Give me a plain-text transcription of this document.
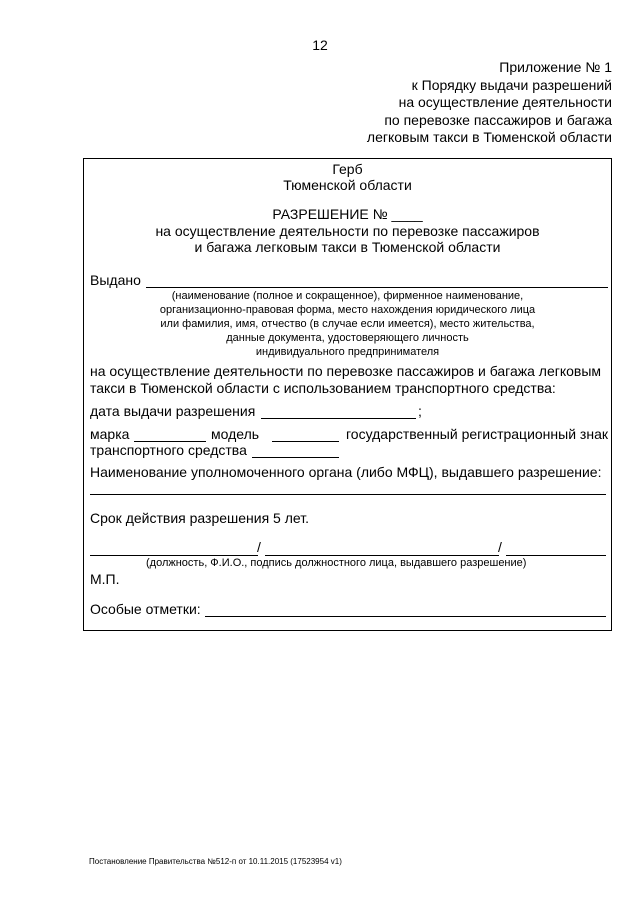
12
Приложение № 1
к Порядку выдачи разрешений
на осуществление деятельности
по перевозке пассажиров и багажа
легковым такси в Тюменской области
Герб
Тюменской области
РАЗРЕШЕНИЕ № ____
на осуществление деятельности по перевозке пассажиров
и багажа легковым такси в Тюменской области
Выдано
(наименование (полное и сокращенное), фирменное наименование,
организационно-правовая форма, место нахождения юридического лица
или фамилия, имя, отчество (в случае если имеется), место жительства,
данные документа, удостоверяющего личность
индивидуального предпринимателя
на осуществление деятельности по перевозке пассажиров и багажа легковым
такси в Тюменской области с использованием транспортного средства:
дата выдачи разрешения	;
марка	модель	государственный регистрационный знак
транспортного средства
Наименование уполномоченного органа (либо МФЦ), выдавшего разрешение:
Срок действия разрешения 5 лет.
/	/
(должность, Ф.И.О., подпись должностного лица, выдавшего разрешение)
М.П.
Особые отметки:
Постановление Правительства №512-п от 10.11.2015 (17523954 v1)
